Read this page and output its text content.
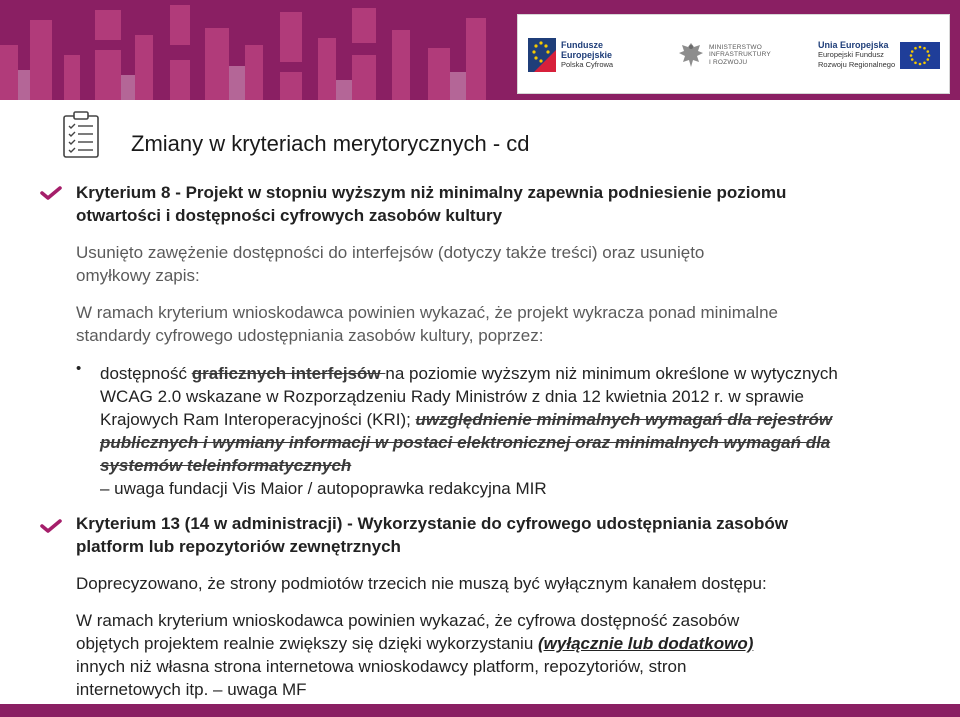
Fundusze
Europejskie
Polska Cyfrowa
MINISTERSTWO
INFRASTRUKTURY
I ROZWOJU
Unia Europejska
Europejski Fundusz
Rozwoju Regionalnego
Zmiany w kryteriach merytorycznych - cd
Kryterium 8 - Projekt w stopniu wyższym niż minimalny zapewnia podniesienie poziomu
otwartości i dostępności cyfrowych zasobów kultury
Usunięto zawężenie dostępności do interfejsów (dotyczy także treści) oraz usunięto
omyłkowy zapis:
W ramach kryterium wnioskodawca powinien wykazać, że projekt wykracza ponad minimalne
standardy cyfrowego udostępniania zasobów kultury, poprzez:
• dostępność graficznych interfejsów na poziomie wyższym niż minimum określone w wytycznych WCAG 2.0 wskazane w Rozporządzeniu Rady Ministrów z dnia 12 kwietnia 2012 r. w sprawie Krajowych Ram Interoperacyjności (KRI); uwzględnienie minimalnych wymagań dla rejestrów publicznych i wymiany informacji w postaci elektronicznej oraz minimalnych wymagań dla systemów teleinformatycznych
– uwaga fundacji Vis Maior / autopoprawka redakcyjna MIR
Kryterium 13 (14 w administracji) - Wykorzystanie do cyfrowego udostępniania zasobów
platform lub repozytoriów zewnętrznych
Doprecyzowano, że strony podmiotów trzecich nie muszą być wyłącznym kanałem dostępu:
W ramach kryterium wnioskodawca powinien wykazać, że cyfrowa dostępność zasobów
objętych projektem realnie zwiększy się dzięki wykorzystaniu (wyłącznie lub dodatkowo)
innych niż własna strona internetowa wnioskodawcy platform, repozytoriów, stron
internetowych itp. – uwaga MF
